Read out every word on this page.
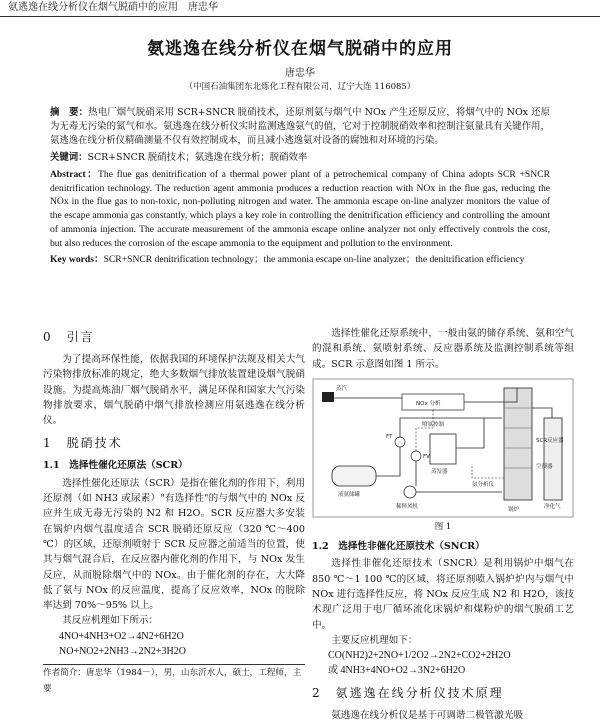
氨逃逸在线分析仪在烟气脱硝中的应用　唐忠华
氨逃逸在线分析仪在烟气脱硝中的应用
唐忠华
（中国石油集团东北炼化工程有限公司，辽宁大连 116085）

摘　要：热电厂烟气脱硝采用 SCR+SNCR 脱硝技术，还原剂氨与烟气中 NOx 产生还原反应，将烟气中的 NOx 还原为无毒无污染的氮气和水。氨逃逸在线分析仪实时监测逃逸氨气的值，它对于控制脱硝效率和控制注氨量具有关键作用，氨逃逸在线分析仪精确测量不仅有效控制成本，而且减小逃逸氨对设备的腐蚀和对环境的污染。

关键词：SCR+SNCR 脱硝技术；氨逃逸在线分析；脱硝效率

Abstract：The flue gas denitrification of a thermal power plant of a petrochemical company of China adopts SCR +SNCR denitrification technology. The reduction agent ammonia produces a reduction reaction with NOx in the flue gas, reducing the NOx in the flue gas to non-toxic, non-polluting nitrogen and water. The ammonia escape on-line analyzer monitors the value of the escape ammonia gas constantly, which plays a key role in controlling the denitrification efficiency and controlling the amount of ammonia injection. The accurate measurement of the ammonia escape online analyzer not only effectively controls the cost, but also reduces the corrosion of the escape ammonia to the equipment and pollution to the environment.

Key words：SCR+SNCR denitrification technology；the ammonia escape on-line analyzer；the denitrification efficiency

0　引言

为了提高环保性能，依据我国的环境保护法规及相关大气污染物排放标准的规定，绝大多数烟气排放装置建设烟气脱硝设施。为提高炼油厂烟气脱硝水平，满足环保和国家大气污染物排放要求，烟气脱硝中烟气排放检测应用氨逃逸在线分析仪。

1　脱硝技术
1.1　选择性催化还原法（SCR）

选择性催化还原法（SCR）是指在催化剂的作用下，利用还原剂（如 NH3 或尿素）"有选择性"的与烟气中的 NOx 反应并生成无毒无污染的 N2 和 H2O。SCR 反应器大多安装在锅炉内烟气温度适合 SCR 脱硝还原反应（320 ℃～400 ℃）的区域，还原剂喷射于 SCR 反应器之前适当的位置，使其与烟气混合后，在反应器内催化剂的作用下，与 NOx 发生反应，从而脱除烟气中的 NOx。由于催化剂的存在，大大降低了氨与 NOx 的反应温度，提高了反应效率，NOx 的脱除率达到 70%～95% 以上。

其反应机理如下所示：

4NO+4NH3+O2→4N2+6H2O
NO+NO2+2NH3→2N2+3H2O
作者简介：唐忠华（1984－），男，山东沂水人，硕士，工程师，主要

选择性催化还原系统中，一般由氨的储存系统、氨和空气的混和系统、氨喷射系统、反应器系统及监测控制系统等组成。SCR 示意图如图 1 所示。

蒸汽
NOx 分析
喷氨控制
FT
FV
蒸发器
液氨储罐
稀释风机	锅炉
SCR反应器
氨分析仪
空预器
净化气
图 1
1.2　选择性非催化还原技术（SNCR）

选择性非催化还原技术（SNCR）是利用锅炉中烟气在 850 ℃～1 100 ℃的区域，将还原剂喷入锅炉炉内与烟气中 NOx 进行选择性反应，将 NOx 反应生成 N2 和 H2O，该技术现广泛用于电厂循环流化床锅炉和煤粉炉的烟气脱硝工艺中。

主要反应机理如下：

CO(NH2)2+2NO+1/2O2→2N2+CO2+2H2O
或 4NH3+4NO+O2→3N2+6H2O
2　氨逃逸在线分析仪技术原理

氨逃逸在线分析仪是基于可调谐二极管激光吸
